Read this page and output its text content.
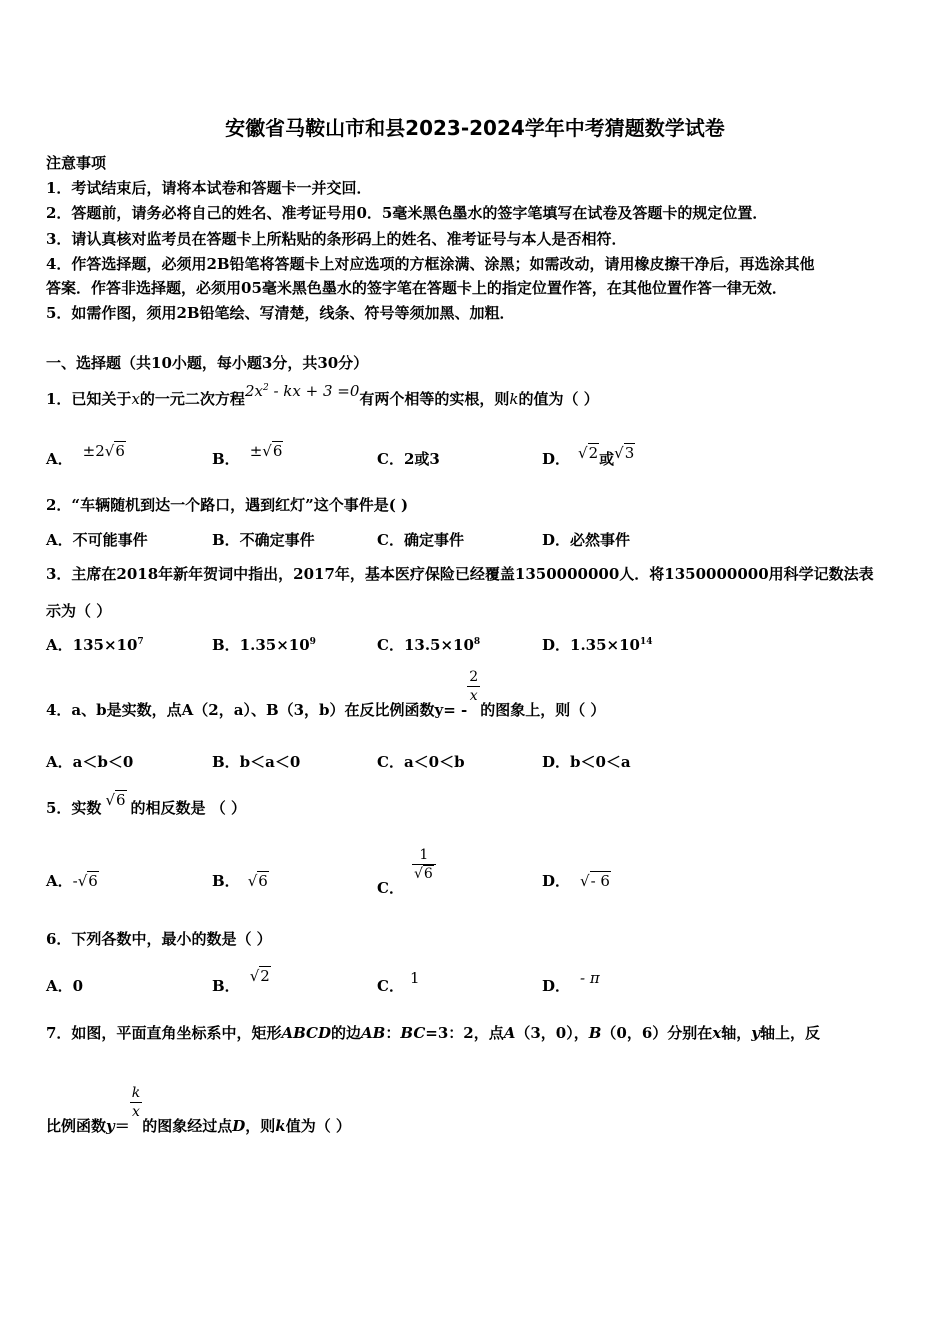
安徽省马鞍山市和县2023-2024学年中考猜题数学试卷
注意事项
1．考试结束后，请将本试卷和答题卡一并交回．
2．答题前，请务必将自己的姓名、准考证号用0．5毫米黑色墨水的签字笔填写在试卷及答题卡的规定位置．
3．请认真核对监考员在答题卡上所粘贴的条形码上的姓名、准考证号与本人是否相符．
4．作答选择题，必须用2B铅笔将答题卡上对应选项的方框涂满、涂黑；如需改动，请用橡皮擦干净后，再选涂其他
答案．作答非选择题，必须用05毫米黑色墨水的签字笔在答题卡上的指定位置作答，在其他位置作答一律无效．
5．如需作图，须用2B铅笔绘、写清楚，线条、符号等须加黑、加粗．
一、选择题（共10小题，每小题3分，共30分）
1．已知关于x的一元二次方程$2x^2$ - kx + 3 =0有两个相等的实根，则k的值为（ ）
A． ±2√6	B． ±√6	C．2或3	D． √2或√3
2．“车辆随机到达一个路口，遇到红灯”这个事件是( )
A．不可能事件	B．不确定事件	C．确定事件	D．必然事件
3．主席在2018年新年贺词中指出，2017年，基本医疗保险已经覆盖1350000000人．将1350000000用科学记数法表
示为（ ）
A．$135\times 10^7$	B．$1.35\times 10^9$	C．$13.5\times 10^8$	D．$1.35\times 10^{14}$
4．a、b是实数，点A（2，a）、B（3，b）在反比例函数y= -
$\frac{2}{x}$
的图象上，则（ ）
A．a＜b＜0	B．b＜a＜0	C．a＜0＜b	D．b＜0＜a
5．实数 √6 的相反数是 （ ）
A．-√6	B． √6	C．
$\frac{1}{√6}$	D． √- 6
6．下列各数中，最小的数是（ ）
A．0	B．√2
C． 1	D． - π
7．如图，平面直角坐标系中，矩形ABCD的边AB：BC=3：2，点A（3，0），B（0，6）分别在x轴，y轴上，反
比例函数y＝
$\frac{k}{x}$
的图象经过点D，则k值为（ ）
